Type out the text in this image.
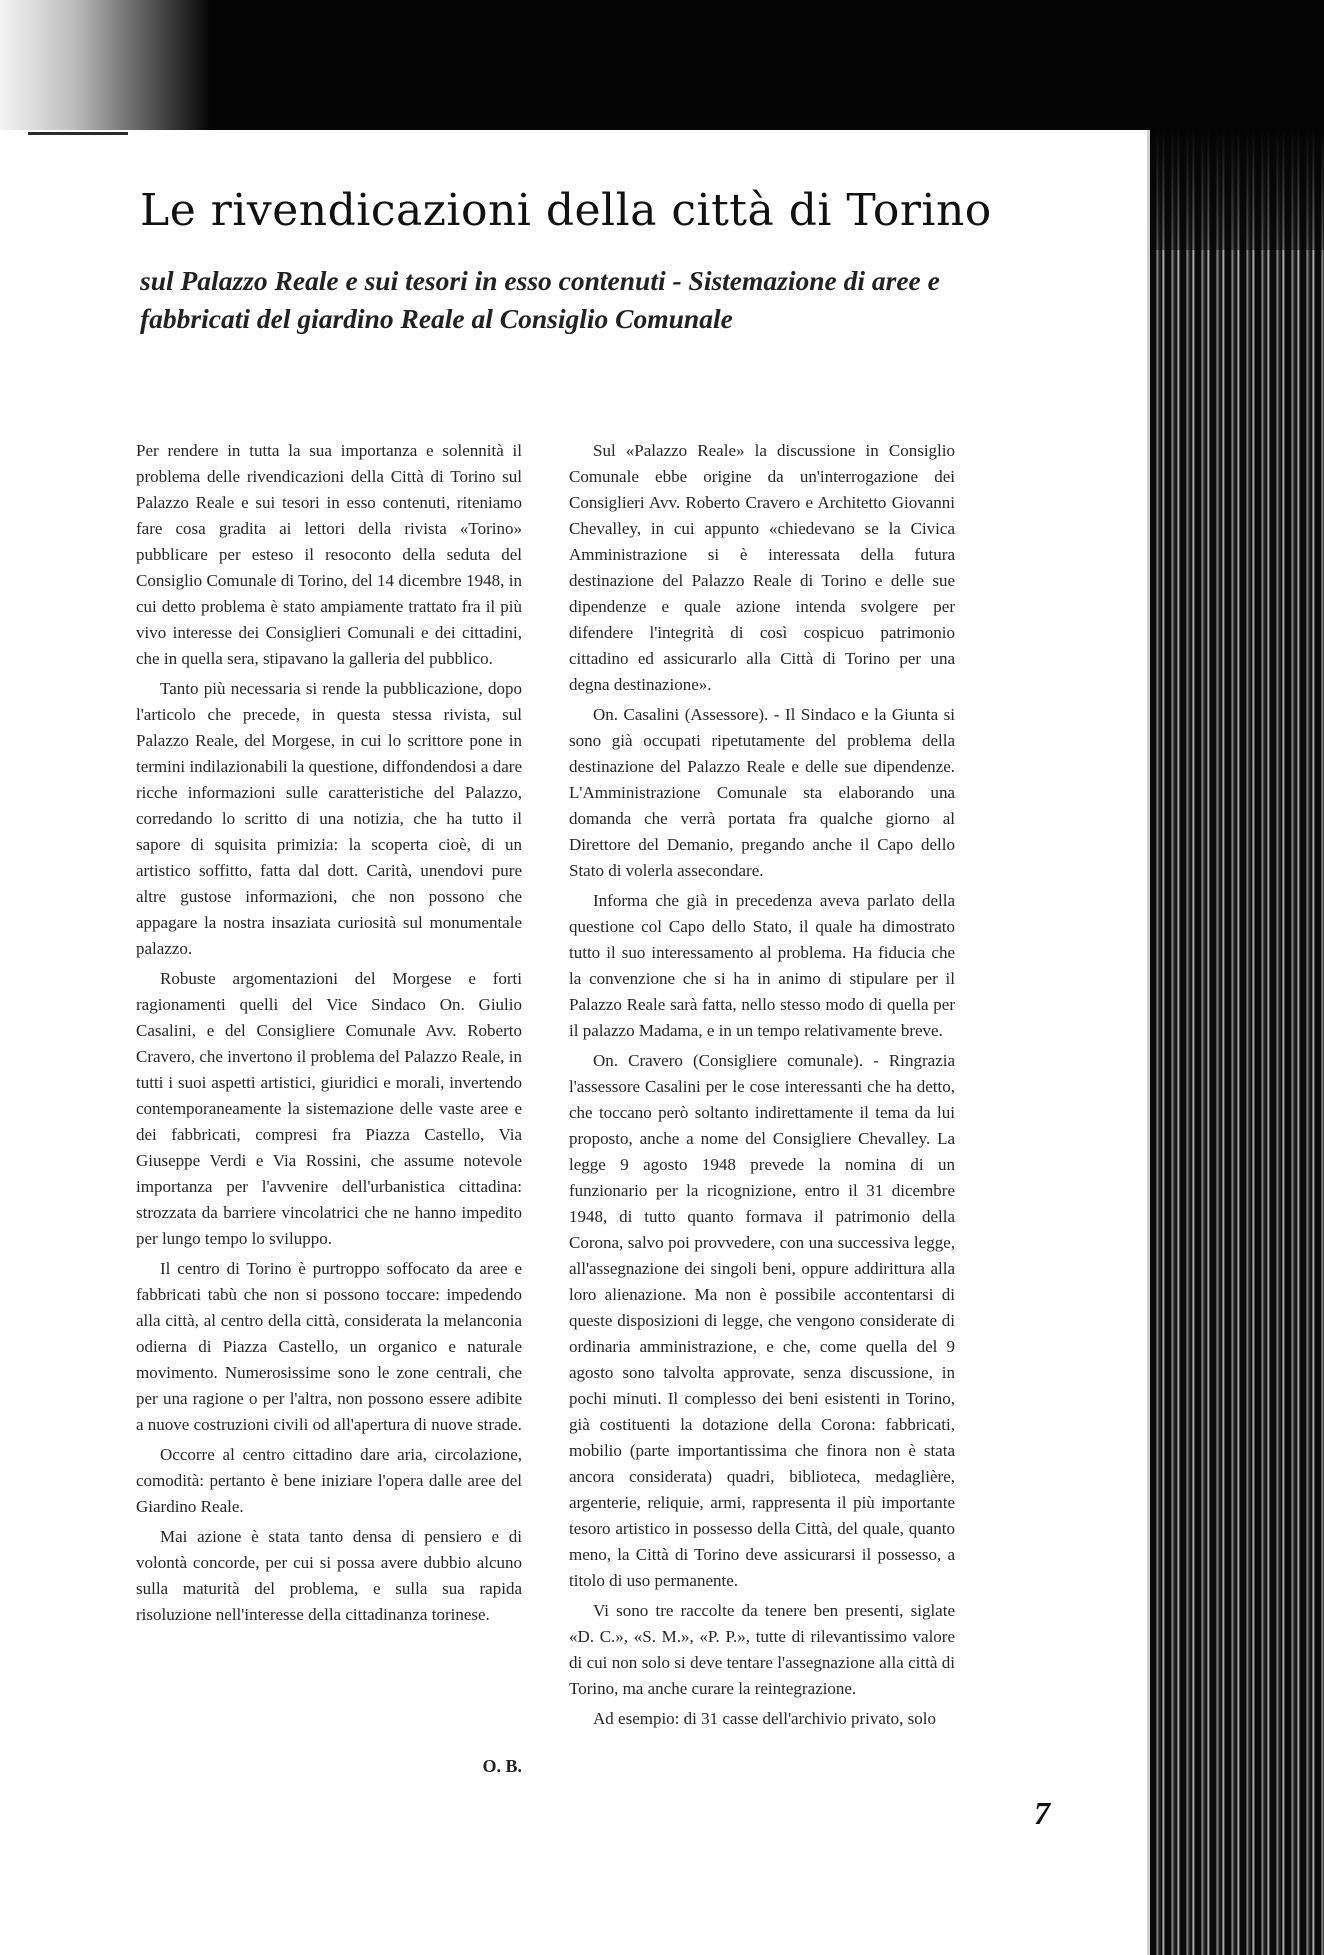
Le rivendicazioni della città di Torino

sul Palazzo Reale e sui tesori in esso contenuti - Sistemazione di aree e fabbricati del giardino Reale al Consiglio Comunale

Per rendere in tutta la sua importanza e solennità il problema delle rivendicazioni della Città di Torino sul Palazzo Reale e sui tesori in esso contenuti, riteniamo fare cosa gradita ai lettori della rivista «Torino» pubblicare per esteso il resoconto della seduta del Consiglio Comunale di Torino, del 14 dicembre 1948, in cui detto problema è stato ampiamente trattato fra il più vivo interesse dei Consiglieri Comunali e dei cittadini, che in quella sera, stipavano la galleria del pubblico.

Tanto più necessaria si rende la pubblicazione, dopo l'articolo che precede, in questa stessa rivista, sul Palazzo Reale, del Morgese, in cui lo scrittore pone in termini indilazionabili la questione, diffondendosi a dare ricche informazioni sulle caratteristiche del Palazzo, corredando lo scritto di una notizia, che ha tutto il sapore di squisita primizia: la scoperta cioè, di un artistico soffitto, fatta dal dott. Carità, unendovi pure altre gustose informazioni, che non possono che appagare la nostra insaziata curiosità sul monumentale palazzo.

Robuste argomentazioni del Morgese e forti ragionamenti quelli del Vice Sindaco On. Giulio Casalini, e del Consigliere Comunale Avv. Roberto Cravero, che invertono il problema del Palazzo Reale, in tutti i suoi aspetti artistici, giuridici e morali, invertendo contemporaneamente la sistemazione delle vaste aree e dei fabbricati, compresi fra Piazza Castello, Via Giuseppe Verdi e Via Rossini, che assume notevole importanza per l'avvenire dell'urbanistica cittadina: strozzata da barriere vincolatrici che ne hanno impedito per lungo tempo lo sviluppo.

Il centro di Torino è purtroppo soffocato da aree e fabbricati tabù che non si possono toccare: impedendo alla città, al centro della città, considerata la melanconia odierna di Piazza Castello, un organico e naturale movimento. Numerosissime sono le zone centrali, che per una ragione o per l'altra, non possono essere adibite a nuove costruzioni civili od all'apertura di nuove strade.

Occorre al centro cittadino dare aria, circolazione, comodità: pertanto è bene iniziare l'opera dalle aree del Giardino Reale.

Mai azione è stata tanto densa di pensiero e di volontà concorde, per cui si possa avere dubbio alcuno sulla maturità del problema, e sulla sua rapida risoluzione nell'interesse della cittadinanza torinese.

O. B.

Sul «Palazzo Reale» la discussione in Consiglio Comunale ebbe origine da un'interrogazione dei Consiglieri Avv. Roberto Cravero e Architetto Giovanni Chevalley, in cui appunto «chiedevano se la Civica Amministrazione si è interessata della futura destinazione del Palazzo Reale di Torino e delle sue dipendenze e quale azione intenda svolgere per difendere l'integrità di così cospicuo patrimonio cittadino ed assicurarlo alla Città di Torino per una degna destinazione».

On. Casalini (Assessore). - Il Sindaco e la Giunta si sono già occupati ripetutamente del problema della destinazione del Palazzo Reale e delle sue dipendenze. L'Amministrazione Comunale sta elaborando una domanda che verrà portata fra qualche giorno al Direttore del Demanio, pregando anche il Capo dello Stato di volerla assecondare.

Informa che già in precedenza aveva parlato della questione col Capo dello Stato, il quale ha dimostrato tutto il suo interessamento al problema. Ha fiducia che la convenzione che si ha in animo di stipulare per il Palazzo Reale sarà fatta, nello stesso modo di quella per il palazzo Madama, e in un tempo relativamente breve.

On. Cravero (Consigliere comunale). - Ringrazia l'assessore Casalini per le cose interessanti che ha detto, che toccano però soltanto indirettamente il tema da lui proposto, anche a nome del Consigliere Chevalley. La legge 9 agosto 1948 prevede la nomina di un funzionario per la ricognizione, entro il 31 dicembre 1948, di tutto quanto formava il patrimonio della Corona, salvo poi provvedere, con una successiva legge, all'assegnazione dei singoli beni, oppure addirittura alla loro alienazione. Ma non è possibile accontentarsi di queste disposizioni di legge, che vengono considerate di ordinaria amministrazione, e che, come quella del 9 agosto sono talvolta approvate, senza discussione, in pochi minuti. Il complesso dei beni esistenti in Torino, già costituenti la dotazione della Corona: fabbricati, mobilio (parte importantissima che finora non è stata ancora considerata) quadri, biblioteca, medaglière, argenterie, reliquie, armi, rappresenta il più importante tesoro artistico in possesso della Città, del quale, quanto meno, la Città di Torino deve assicurarsi il possesso, a titolo di uso permanente.

Vi sono tre raccolte da tenere ben presenti, siglate «D. C.», «S. M.», «P. P.», tutte di rilevantissimo valore di cui non solo si deve tentare l'assegnazione alla città di Torino, ma anche curare la reintegrazione.

Ad esempio: di 31 casse dell'archivio privato, solo

7
